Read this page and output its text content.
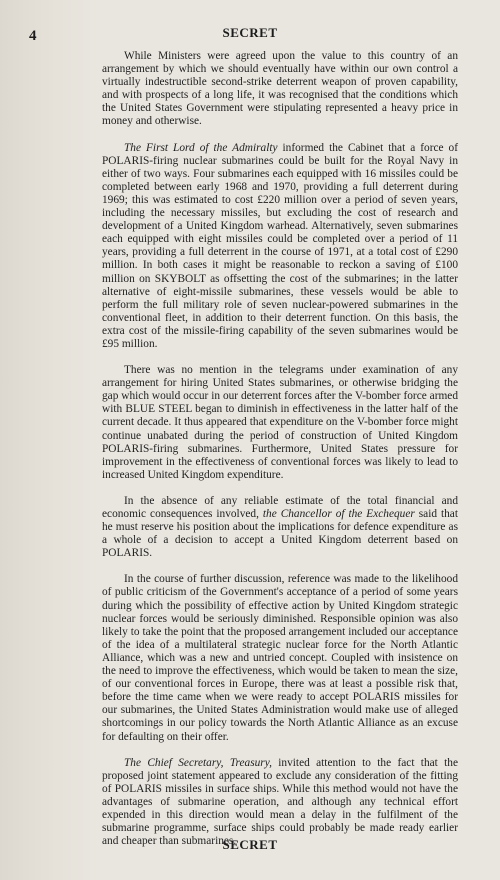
4	SECRET

While Ministers were agreed upon the value to this country of an arrangement by which we should eventually have within our own control a virtually indestructible second-strike deterrent weapon of proven capability, and with prospects of a long life, it was recognised that the conditions which the United States Government were stipulating represented a heavy price in money and otherwise.

The First Lord of the Admiralty informed the Cabinet that a force of POLARIS-firing nuclear submarines could be built for the Royal Navy in either of two ways. Four submarines each equipped with 16 missiles could be completed between early 1968 and 1970, providing a full deterrent during 1969; this was estimated to cost £220 million over a period of seven years, including the necessary missiles, but excluding the cost of research and development of a United Kingdom warhead. Alternatively, seven submarines each equipped with eight missiles could be completed over a period of 11 years, providing a full deterrent in the course of 1971, at a total cost of £290 million. In both cases it might be reasonable to reckon a saving of £100 million on SKYBOLT as offsetting the cost of the submarines; in the latter alternative of eight-missile submarines, these vessels would be able to perform the full military role of seven nuclear-powered submarines in the conventional fleet, in addition to their deterrent function. On this basis, the extra cost of the missile-firing capability of the seven submarines would be £95 million.

There was no mention in the telegrams under examination of any arrangement for hiring United States submarines, or otherwise bridging the gap which would occur in our deterrent forces after the V-bomber force armed with BLUE STEEL began to diminish in effectiveness in the latter half of the current decade. It thus appeared that expenditure on the V-bomber force might continue unabated during the period of construction of United Kingdom POLARIS-firing submarines. Furthermore, United States pressure for improvement in the effectiveness of conventional forces was likely to lead to increased United Kingdom expenditure.

In the absence of any reliable estimate of the total financial and economic consequences involved, the Chancellor of the Exchequer said that he must reserve his position about the implications for defence expenditure as a whole of a decision to accept a United Kingdom deterrent based on POLARIS.

In the course of further discussion, reference was made to the likelihood of public criticism of the Government's acceptance of a period of some years during which the possibility of effective action by United Kingdom strategic nuclear forces would be seriously diminished. Responsible opinion was also likely to take the point that the proposed arrangement included our acceptance of the idea of a multilateral strategic nuclear force for the North Atlantic Alliance, which was a new and untried concept. Coupled with insistence on the need to improve the effectiveness, which would be taken to mean the size, of our conventional forces in Europe, there was at least a possible risk that, before the time came when we were ready to accept POLARIS missiles for our submarines, the United States Administration would make use of alleged shortcomings in our policy towards the North Atlantic Alliance as an excuse for defaulting on their offer.

The Chief Secretary, Treasury, invited attention to the fact that the proposed joint statement appeared to exclude any consideration of the fitting of POLARIS missiles in surface ships. While this method would not have the advantages of submarine operation, and although any technical effort expended in this direction would mean a delay in the fulfilment of the submarine programme, surface ships could probably be made ready earlier and cheaper than submarines.

SECRET
